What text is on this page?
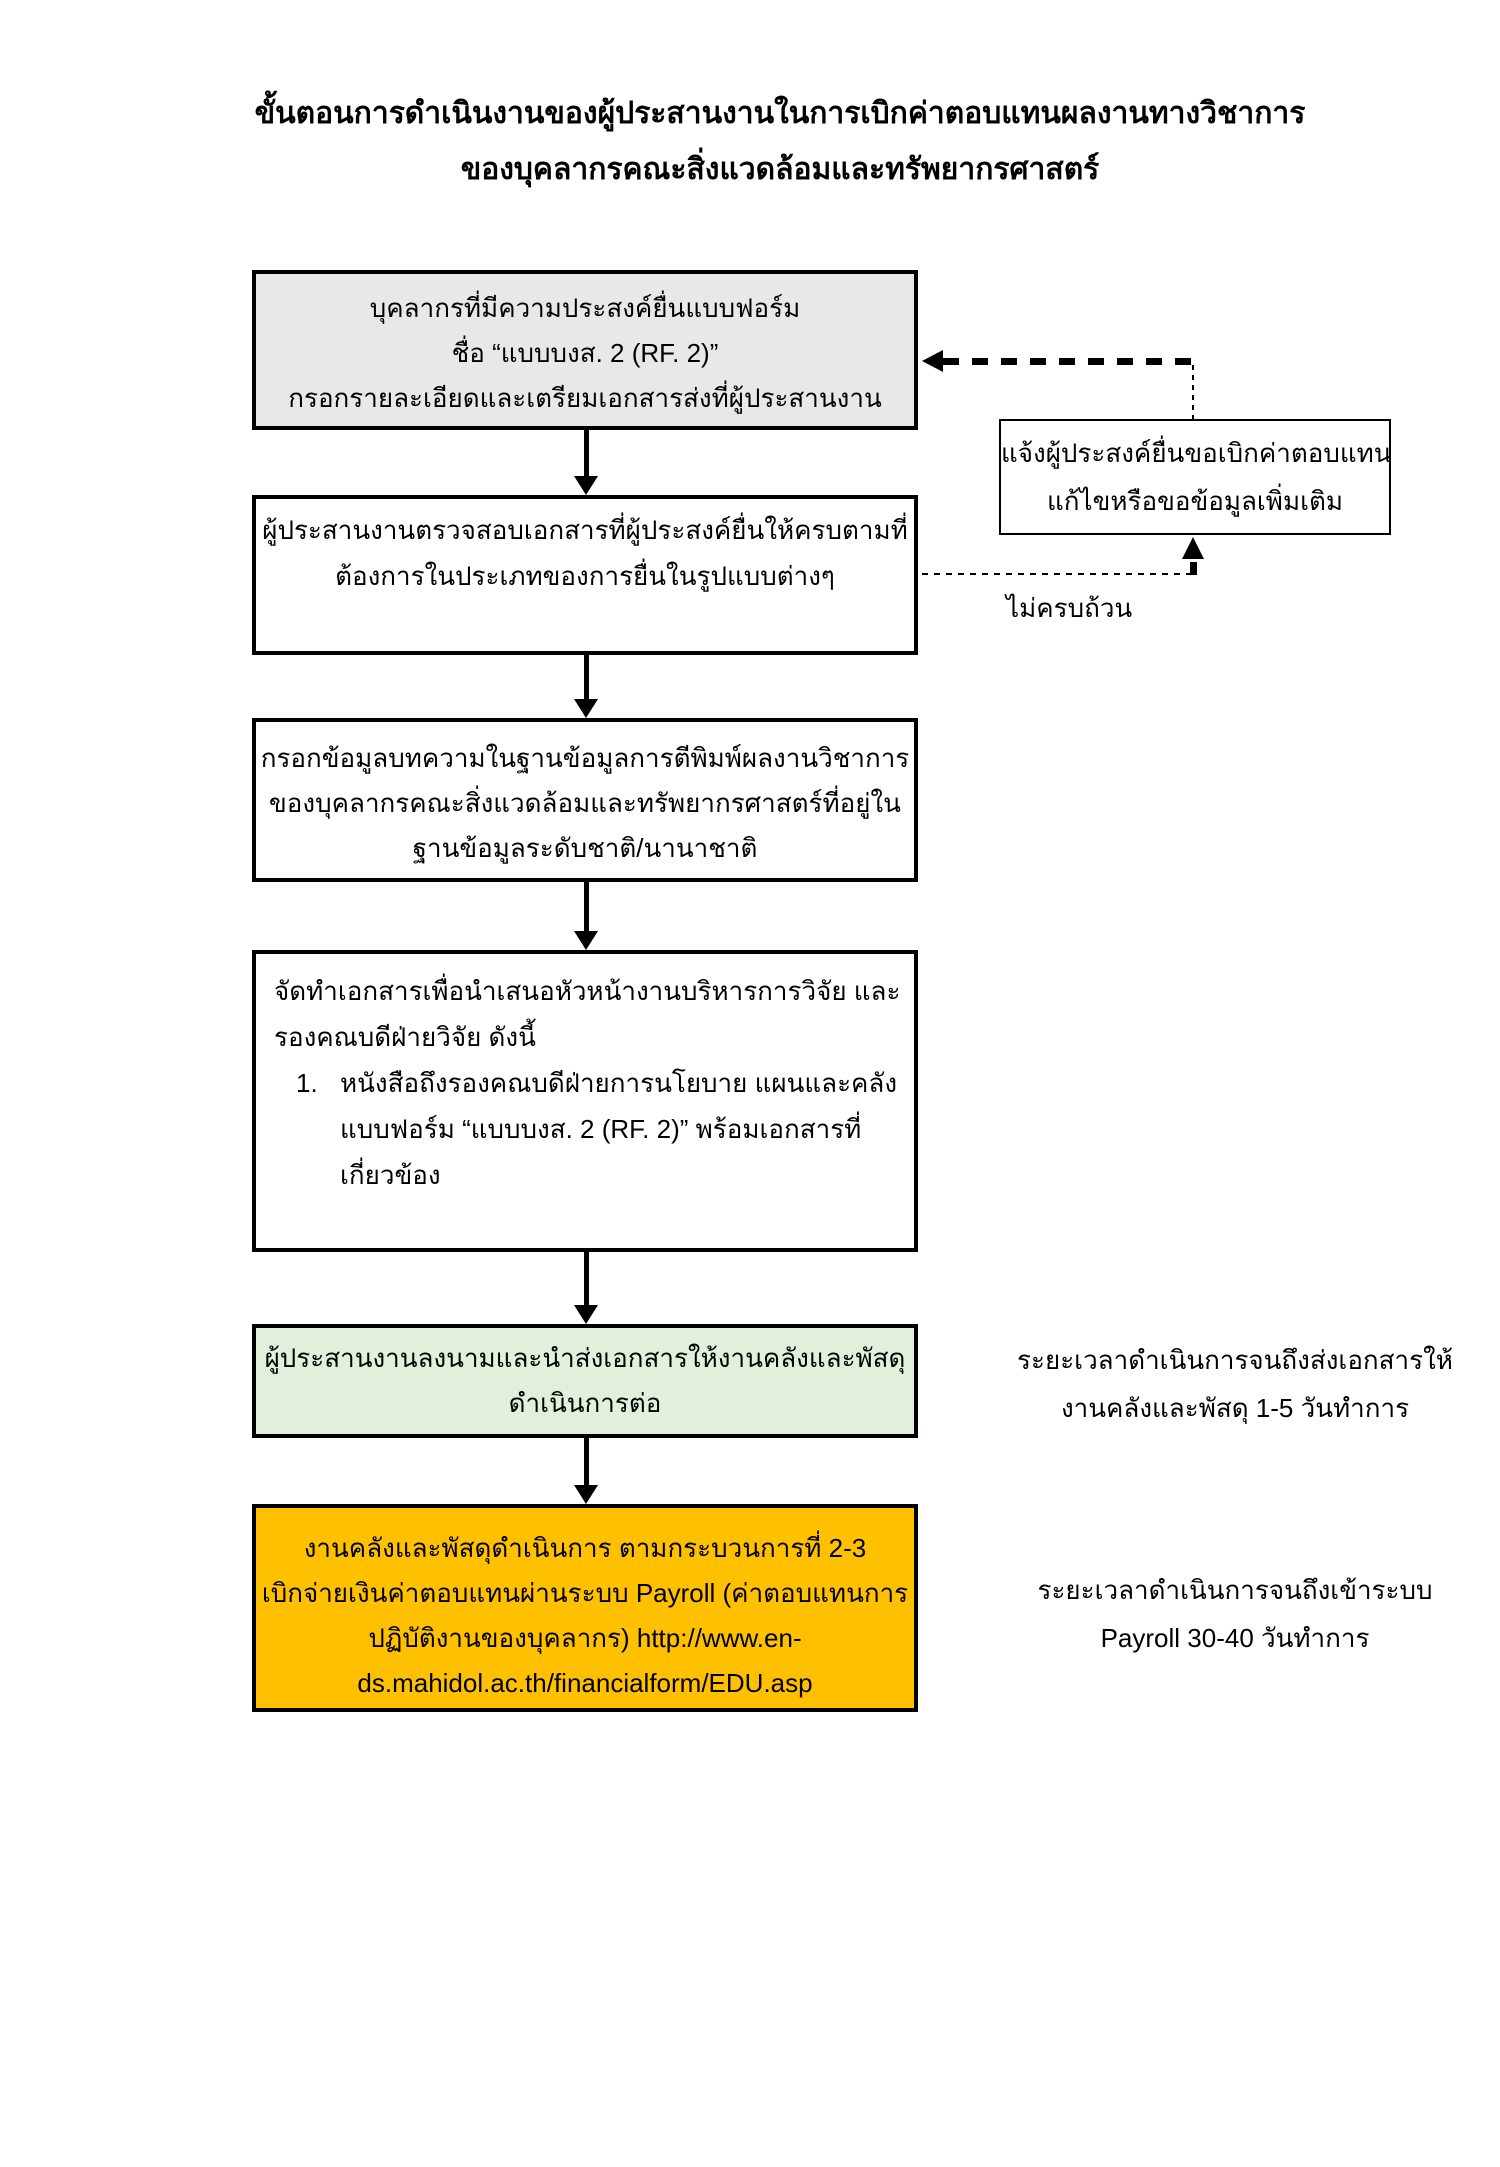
ขั้นตอนการดำเนินงานของผู้ประสานงานในการเบิกค่าตอบแทนผลงานทางวิชาการ
ของบุคลากรคณะสิ่งแวดล้อมและทรัพยากรศาสตร์
บุคลากรที่มีความประสงค์ยื่นแบบฟอร์ม
ชื่อ “แบบบงส. 2 (RF. 2)”
กรอกรายละเอียดและเตรียมเอกสารส่งที่ผู้ประสานงาน
ผู้ประสานงานตรวจสอบเอกสารที่ผู้ประสงค์ยื่นให้ครบตามที่
ต้องการในประเภทของการยื่นในรูปแบบต่างๆ
กรอกข้อมูลบทความในฐานข้อมูลการตีพิมพ์ผลงานวิชาการ
ของบุคลากรคณะสิ่งแวดล้อมและทรัพยากรศาสตร์ที่อยู่ใน
ฐานข้อมูลระดับชาติ/นานาชาติ
จัดทำเอกสารเพื่อนำเสนอหัวหน้างานบริหารการวิจัย และ
รองคณบดีฝ่ายวิจัย ดังนี้
1. หนังสือถึงรองคณบดีฝ่ายการนโยบาย แผนและคลัง
แบบฟอร์ม “แบบบงส. 2 (RF. 2)” พร้อมเอกสารที่
เกี่ยวข้อง
ผู้ประสานงานลงนามและนำส่งเอกสารให้งานคลังและพัสดุ
ดำเนินการต่อ
งานคลังและพัสดุดำเนินการ ตามกระบวนการที่ 2-3
เบิกจ่ายเงินค่าตอบแทนผ่านระบบ Payroll (ค่าตอบแทนการ
ปฏิบัติงานของบุคลากร) http://www.en-
ds.mahidol.ac.th/financialform/EDU.asp
แจ้งผู้ประสงค์ยื่นขอเบิกค่าตอบแทน
แก้ไขหรือขอข้อมูลเพิ่มเติม
ไม่ครบถ้วน
ระยะเวลาดำเนินการจนถึงส่งเอกสารให้
งานคลังและพัสดุ 1-5 วันทำการ
ระยะเวลาดำเนินการจนถึงเข้าระบบ
Payroll 30-40 วันทำการ
